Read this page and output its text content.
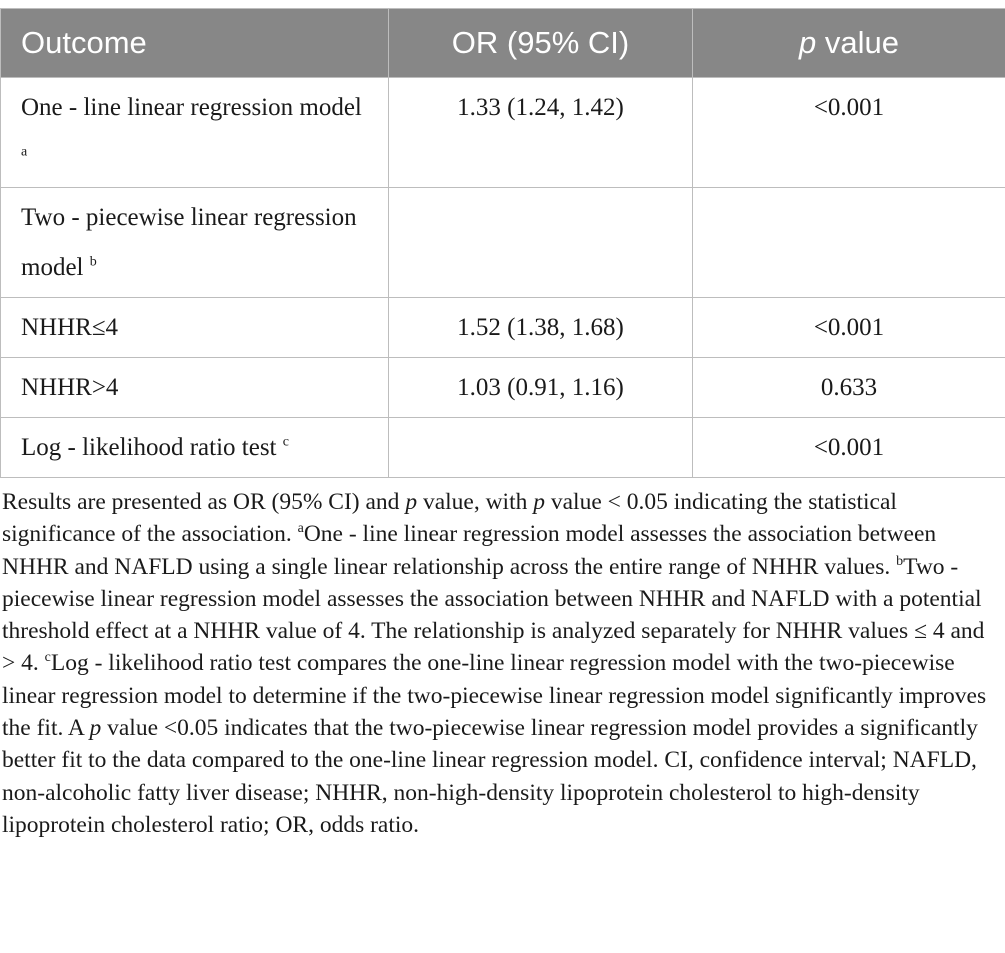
Outcome	OR (95% CI)	p value
One - line linear regression model $^a$	1.33 (1.24, 1.42)	<0.001
Two - piecewise linear regression model $^b$		
NHHR≤4	1.52 (1.38, 1.68)	<0.001
NHHR>4	1.03 (0.91, 1.16)	0.633
Log - likelihood ratio test $^c$		<0.001

Results are presented as OR (95% CI) and p value, with p value < 0.05 indicating the statistical significance of the association. $^a$One - line linear regression model assesses the association between NHHR and NAFLD using a single linear relationship across the entire range of NHHR values. $^b$Two - piecewise linear regression model assesses the association between NHHR and NAFLD with a potential threshold effect at a NHHR value of 4. The relationship is analyzed separately for NHHR values ≤ 4 and > 4. $^c$Log - likelihood ratio test compares the one-line linear regression model with the two-piecewise linear regression model to determine if the two-piecewise linear regression model significantly improves the fit. A p value <0.05 indicates that the two-piecewise linear regression model provides a significantly better fit to the data compared to the one-line linear regression model. CI, confidence interval; NAFLD, non-alcoholic fatty liver disease; NHHR, non-high-density lipoprotein cholesterol to high-density lipoprotein cholesterol ratio; OR, odds ratio.
